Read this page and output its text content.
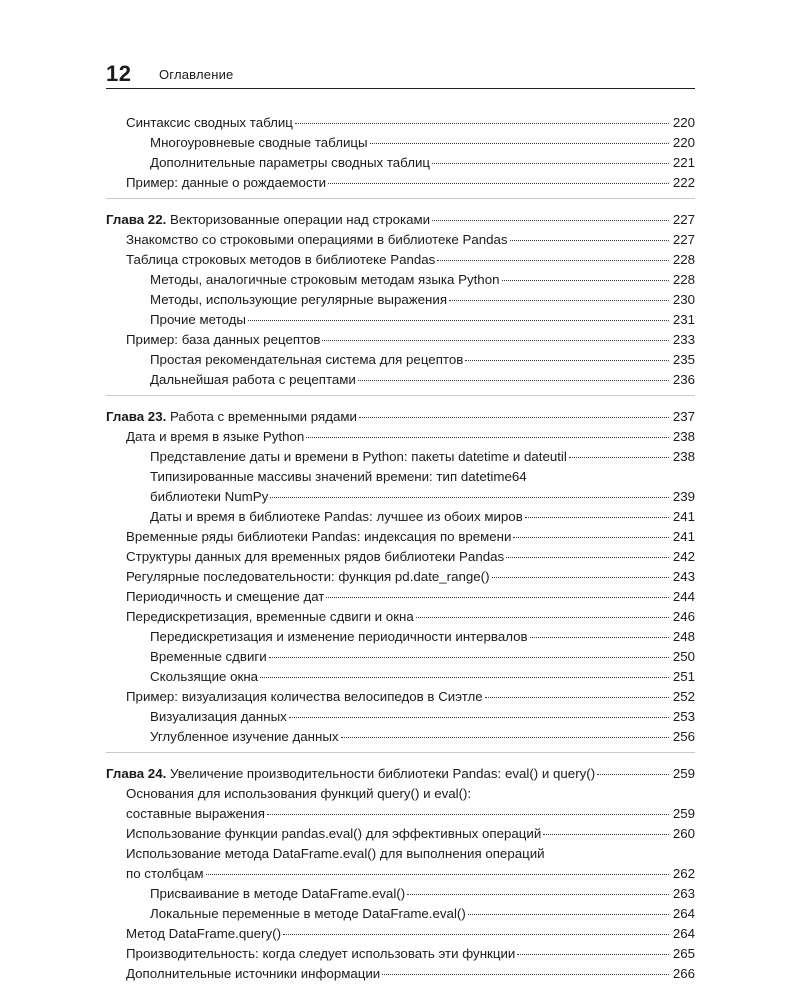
12 Оглавление
Синтаксис сводных таблиц	220
Многоуровневые сводные таблицы	220
Дополнительные параметры сводных таблиц	221
Пример: данные о рождаемости	222
Глава 22. Векторизованные операции над строками	227
Знакомство со строковыми операциями в библиотеке Pandas	227
Таблица строковых методов в библиотеке Pandas	228
Методы, аналогичные строковым методам языка Python	228
Методы, использующие регулярные выражения	230
Прочие методы	231
Пример: база данных рецептов	233
Простая рекомендательная система для рецептов	235
Дальнейшая работа с рецептами	236
Глава 23. Работа с временными рядами	237
Дата и время в языке Python	238
Представление даты и времени в Python: пакеты datetime и dateutil	238
Типизированные массивы значений времени: тип datetime64
библиотеки NumPy	239
Даты и время в библиотеке Pandas: лучшее из обоих миров	241
Временные ряды библиотеки Pandas: индексация по времени	241
Структуры данных для временных рядов библиотеки Pandas	242
Регулярные последовательности: функция pd.date_range()	243
Периодичность и смещение дат	244
Передискретизация, временные сдвиги и окна	246
Передискретизация и изменение периодичности интервалов	248
Временные сдвиги	250
Скользящие окна	251
Пример: визуализация количества велосипедов в Сиэтле	252
Визуализация данных	253
Углубленное изучение данных	256
Глава 24. Увеличение производительности библиотеки Pandas: eval() и query()	259
Основания для использования функций query() и eval():
составные выражения	259
Использование функции pandas.eval() для эффективных операций	260
Использование метода DataFrame.eval() для выполнения операций
по столбцам	262
Присваивание в методе DataFrame.eval()	263
Локальные переменные в методе DataFrame.eval()	264
Метод DataFrame.query()	264
Производительность: когда следует использовать эти функции	265
Дополнительные источники информации	266
